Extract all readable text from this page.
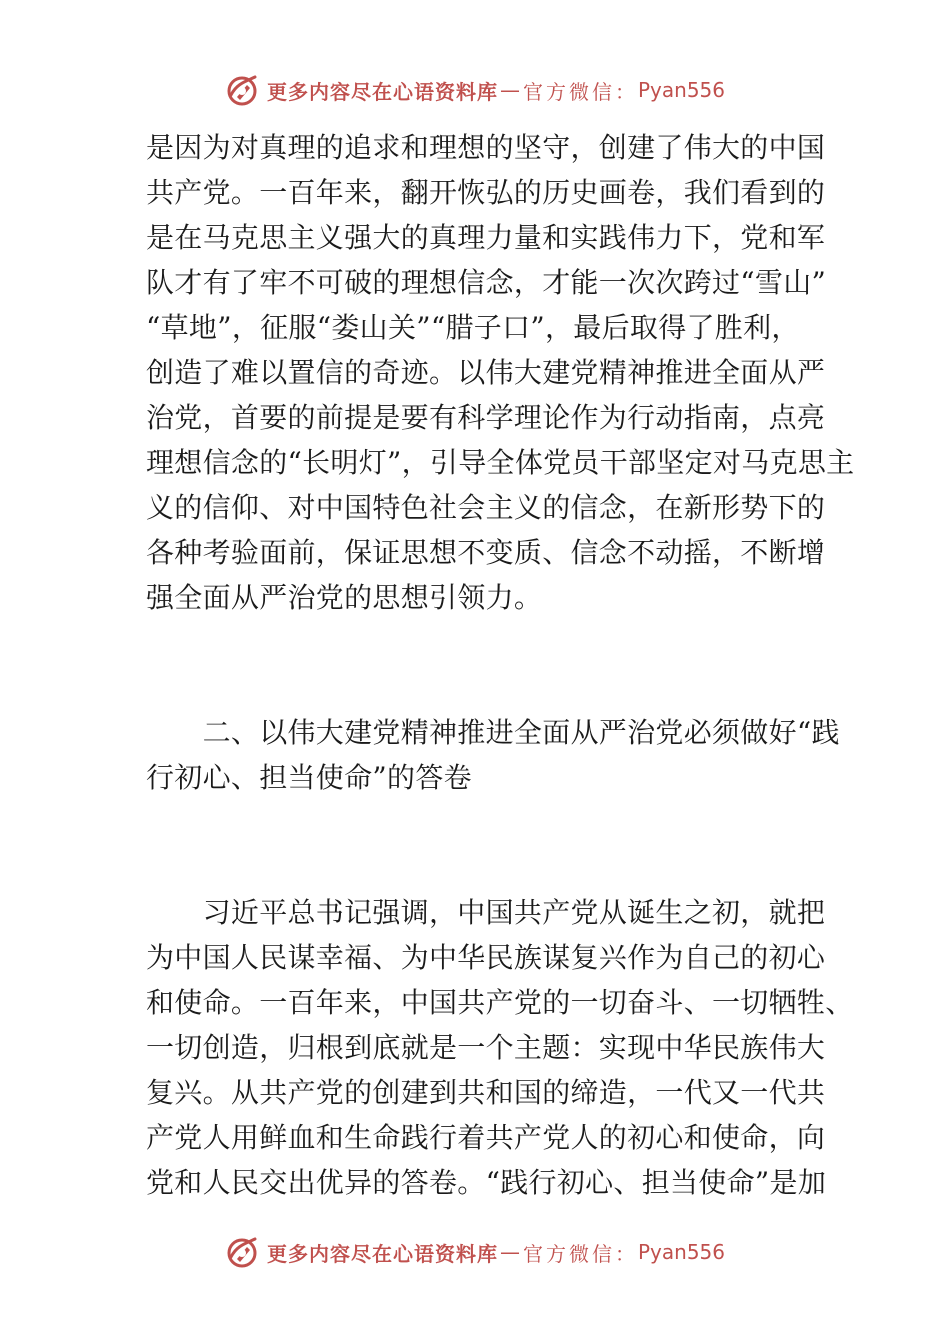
更多内容尽在心语资料库 — 官方微信： Pyan556
是因为对真理的追求和理想的坚守，创建了伟大的中国
共产党。一百年来，翻开恢弘的历史画卷，我们看到的
是在马克思主义强大的真理力量和实践伟力下，党和军
队才有了牢不可破的理想信念，才能一次次跨过“雪山”
“草地”，征服“娄山关”“腊子口”，最后取得了胜利，
创造了难以置信的奇迹。以伟大建党精神推进全面从严
治党，首要的前提是要有科学理论作为行动指南，点亮
理想信念的“长明灯”，引导全体党员干部坚定对马克思主
义的信仰、对中国特色社会主义的信念，在新形势下的
各种考验面前，保证思想不变质、信念不动摇，不断增
强全面从严治党的思想引领力。
　　二、以伟大建党精神推进全面从严治党必须做好“践
行初心、担当使命”的答卷
　　习近平总书记强调，中国共产党从诞生之初，就把
为中国人民谋幸福、为中华民族谋复兴作为自己的初心
和使命。一百年来，中国共产党的一切奋斗、一切牺牲、
一切创造，归根到底就是一个主题：实现中华民族伟大
复兴。从共产党的创建到共和国的缔造，一代又一代共
产党人用鲜血和生命践行着共产党人的初心和使命，向
党和人民交出优异的答卷。“践行初心、担当使命”是加
更多内容尽在心语资料库 — 官方微信： Pyan556
